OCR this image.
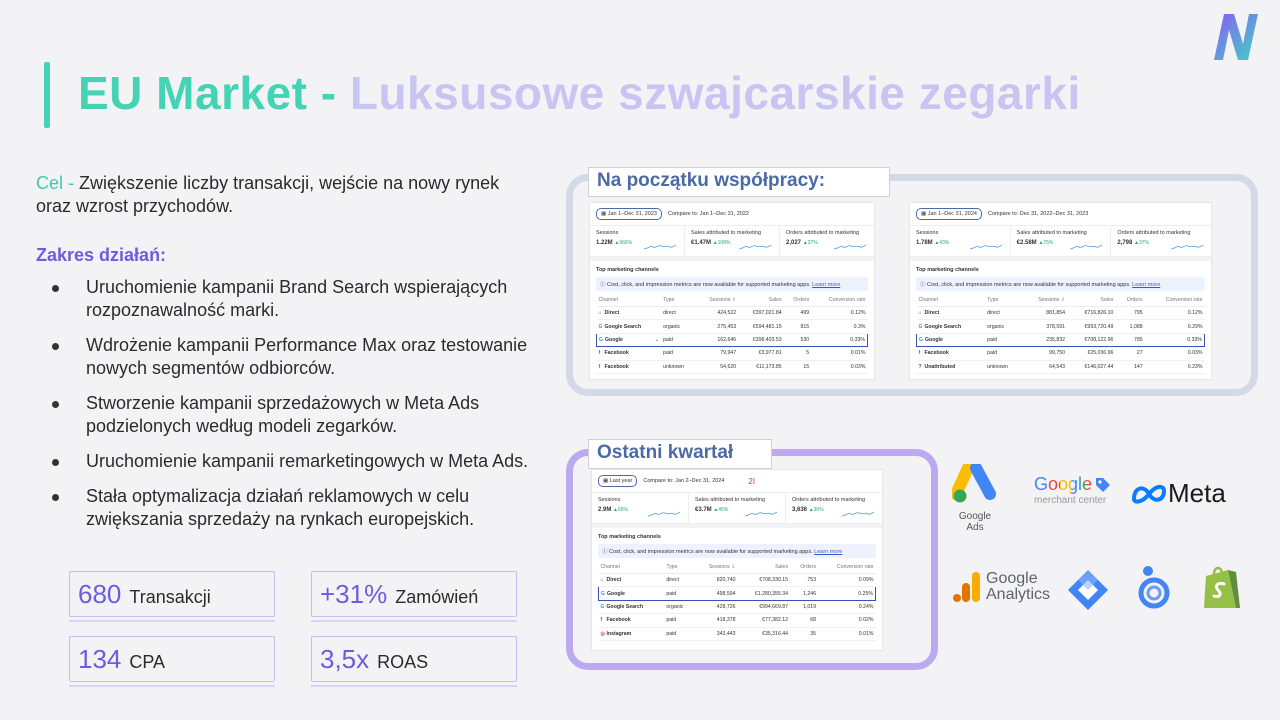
EU Market - Luksusowe szwajcarskie zegarki
Cel - Zwiększenie liczby transakcji, wejście na nowy rynek oraz wzrost przychodów.
Zakres działań:
Uruchomienie kampanii Brand Search wspierających rozpoznawalność marki.
Wdrożenie kampanii Performance Max oraz testowanie nowych segmentów odbiorców.
Stworzenie kampanii sprzedażowych w Meta Ads podzielonych według modeli zegarków.
Uruchomienie kampanii remarketingowych w Meta Ads.
Stała optymalizacja działań reklamowych w celu zwiększania sprzedaży na rynkach europejskich.
680 Transakcji	+31% Zamówień
134 CPA	3,5x ROAS
Na początku współpracy:
Ostatni kwartał
▦ Jan 1–Dec 31, 2023	Compare to: Jan 1–Dec 31, 2022
Sessions
1.22M ▲966%
Sales attributed to marketing
€1.47M ▲108%
Orders attributed to marketing
2,027 ▲37%
Top marketing channels
ⓘ Cost, click, and impression metrics are now available for supported marketing apps. Learn more
Channel	Type	Sessions ⇩	Sales	Orders	Conversion rate
⌂ Direct	direct	424,522	€397,021.84	499	0.12%
G Google Search	organic	275,453	€594,481.15	815	0.3%
G Google ⌄	paid	162,646	€398,403.53	530	0.33%
f Facebook	paid	79,947	€3,977.81	5	0.01%
f Facebook	unknown	54,620	€11,173.85	15	0.03%
▦ Jan 1–Dec 31, 2024	Compare to: Dec 31, 2022–Dec 31, 2023
Sessions
1.78M ▲43%
Sales attributed to marketing
€2.58M ▲75%
Orders attributed to marketing
2,798 ▲37%
Top marketing channels
ⓘ Cost, click, and impression metrics are now available for supported marketing apps. Learn more
Channel	Type	Sessions ⇩	Sales	Orders	Conversion rate
⌂ Direct	direct	881,854	€716,826.10	795	0.12%
G Google Search	organic	378,591	€993,720.49	1,088	0.29%
G Google	paid	235,832	€708,122.96	785	0.33%
f Facebook	paid	99,750	€25,036.96	27	0.03%
? Unattributed	unknown	64,543	€146,027.44	147	0.23%
▦ Last year	Compare to: Jan 2–Dec 31, 2024	2I
Sessions
2.9M ▲65%
Sales attributed to marketing
€3.7M ▲45%
Orders attributed to marketing
3,636 ▲30%
Top marketing channels
ⓘ Cost, click, and impression metrics are now available for supported marketing apps. Learn more
Channel	Type	Sessions ⇩	Sales	Orders	Conversion rate
⌂ Direct	direct	820,740	€708,330.15	753	0.09%
G Google	paid	498,594	€1,280,355.34	1,246	0.25%
G Google Search	organic	428,726	€994,669.87	1,019	0.24%
f Facebook	paid	418,378	€77,382.12	68	0.02%
◎ Instagram	paid	343,443	€35,316.44	35	0.01%
Google Ads
Google
merchant center Meta
Google
Analytics
